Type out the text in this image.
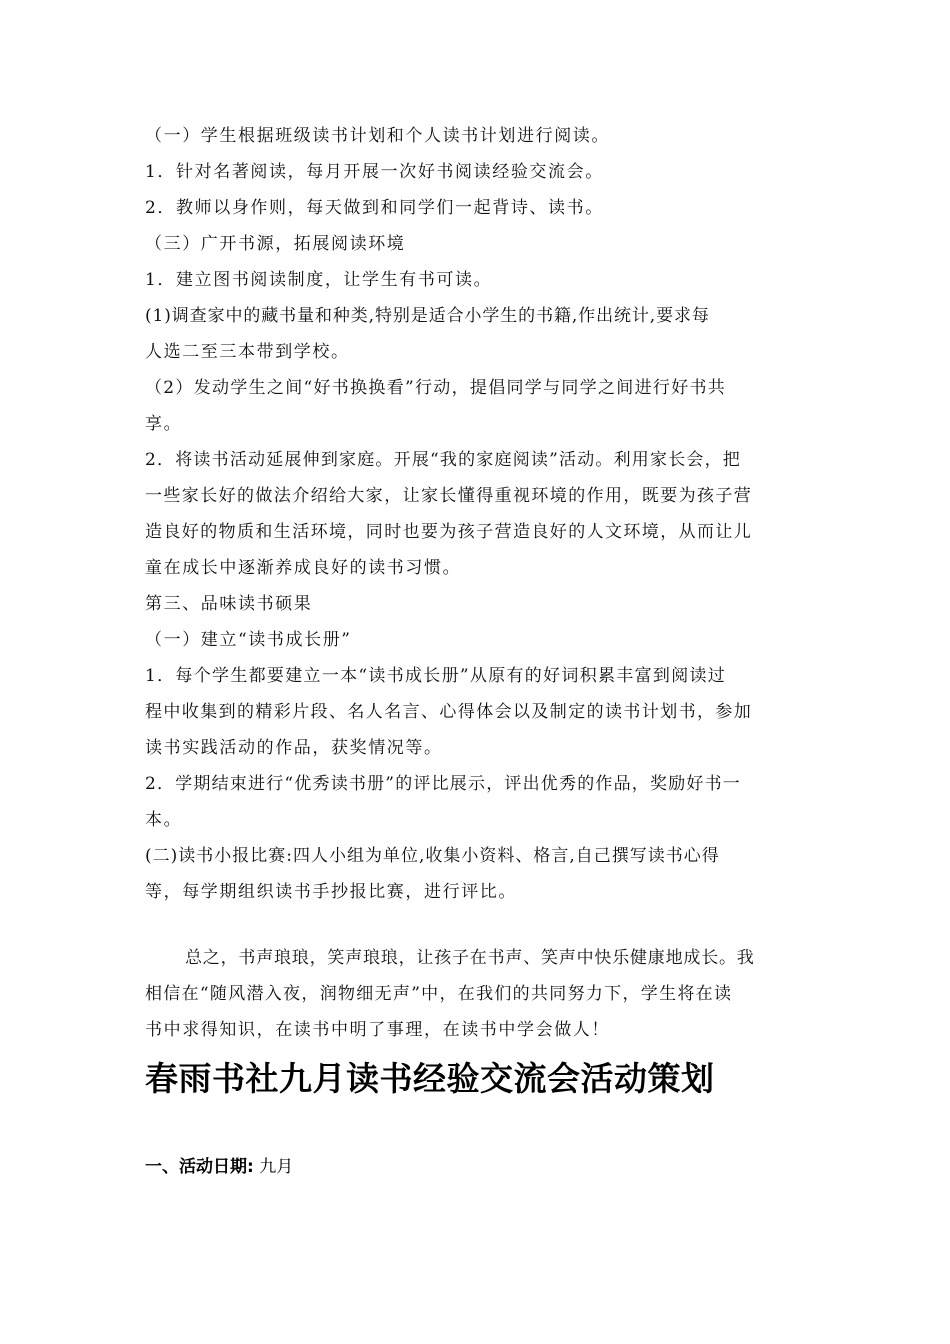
（一）学生根据班级读书计划和个人读书计划进行阅读。
1．针对名著阅读，每月开展一次好书阅读经验交流会。
2．教师以身作则，每天做到和同学们一起背诗、读书。
（三）广开书源，拓展阅读环境
1．建立图书阅读制度，让学生有书可读。
(1)调查家中的藏书量和种类,特别是适合小学生的书籍,作出统计,要求每
人选二至三本带到学校。
（2）发动学生之间“好书换换看”行动，提倡同学与同学之间进行好书共
享。
2．将读书活动延展伸到家庭。开展“我的家庭阅读”活动。利用家长会，把
一些家长好的做法介绍给大家，让家长懂得重视环境的作用，既要为孩子营
造良好的物质和生活环境，同时也要为孩子营造良好的人文环境，从而让儿
童在成长中逐渐养成良好的读书习惯。
第三、品味读书硕果
（一）建立“读书成长册”
1．每个学生都要建立一本“读书成长册”从原有的好词积累丰富到阅读过
程中收集到的精彩片段、名人名言、心得体会以及制定的读书计划书，参加
读书实践活动的作品，获奖情况等。
2．学期结束进行“优秀读书册”的评比展示，评出优秀的作品，奖励好书一
本。
(二)读书小报比赛:四人小组为单位,收集小资料、格言,自己撰写读书心得
等，每学期组织读书手抄报比赛，进行评比。
总之，书声琅琅，笑声琅琅，让孩子在书声、笑声中快乐健康地成长。我
相信在“随风潜入夜，润物细无声”中，在我们的共同努力下，学生将在读
书中求得知识，在读书中明了事理，在读书中学会做人！
春雨书社九月读书经验交流会活动策划
一、活动日期: 九月
